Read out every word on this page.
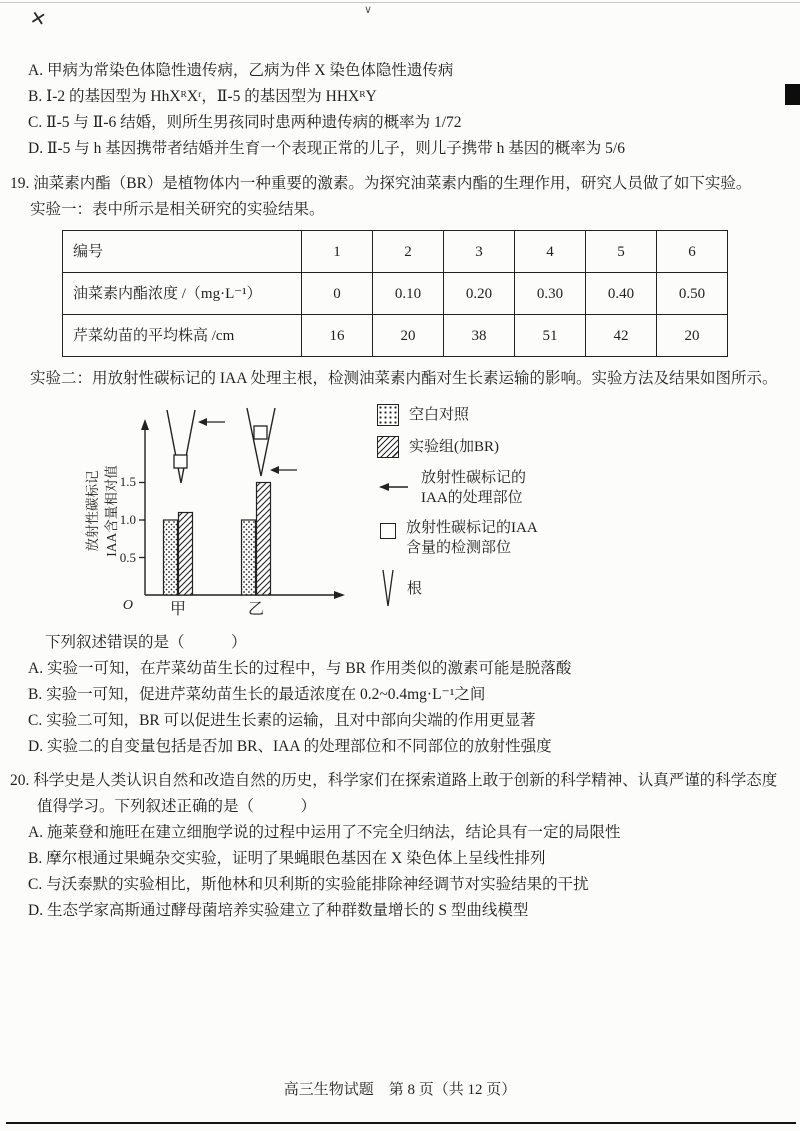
✕	∨
A. 甲病为常染色体隐性遗传病，乙病为伴 X 染色体隐性遗传病
B. Ⅰ-2 的基因型为 HhXᴿXʳ，Ⅱ-5 的基因型为 HHXᴿY
C. Ⅱ-5 与 Ⅱ-6 结婚，则所生男孩同时患两种遗传病的概率为 1/72
D. Ⅱ-5 与 h 基因携带者结婚并生育一个表现正常的儿子，则儿子携带 h 基因的概率为 5/6
19. 油菜素内酯（BR）是植物体内一种重要的激素。为探究油菜素内酯的生理作用，研究人员做了如下实验。
实验一：表中所示是相关研究的实验结果。
编号	1	2	3	4	5	6
油菜素内酯浓度 /（mg·L⁻¹）	0	0.10	0.20	0.30	0.40	0.50
芹菜幼苗的平均株高 /cm	16	20	38	51	42	20
实验二：用放射性碳标记的 IAA 处理主根，检测油菜素内酯对生长素运输的影响。实验方法及结果如图所示。
放射性碳标记 IAA含量相对值
0.5
1.0
1.5
O 甲	乙
空白对照
实验组(加BR)
放射性碳标记的
IAA的处理部位
放射性碳标记的IAA
含量的检测部位
根
下列叙述错误的是（　　　）
A. 实验一可知，在芹菜幼苗生长的过程中，与 BR 作用类似的激素可能是脱落酸
B. 实验一可知，促进芹菜幼苗生长的最适浓度在 0.2~0.4mg·L⁻¹之间
C. 实验二可知，BR 可以促进生长素的运输，且对中部向尖端的作用更显著
D. 实验二的自变量包括是否加 BR、IAA 的处理部位和不同部位的放射性强度
20. 科学史是人类认识自然和改造自然的历史，科学家们在探索道路上敢于创新的科学精神、认真严谨的科学态度值得学习。下列叙述正确的是（　　　）
A. 施莱登和施旺在建立细胞学说的过程中运用了不完全归纳法，结论具有一定的局限性
B. 摩尔根通过果蝇杂交实验，证明了果蝇眼色基因在 X 染色体上呈线性排列
C. 与沃泰默的实验相比，斯他林和贝利斯的实验能排除神经调节对实验结果的干扰
D. 生态学家高斯通过酵母菌培养实验建立了种群数量增长的 S 型曲线模型
高三生物试题　第 8 页（共 12 页）
